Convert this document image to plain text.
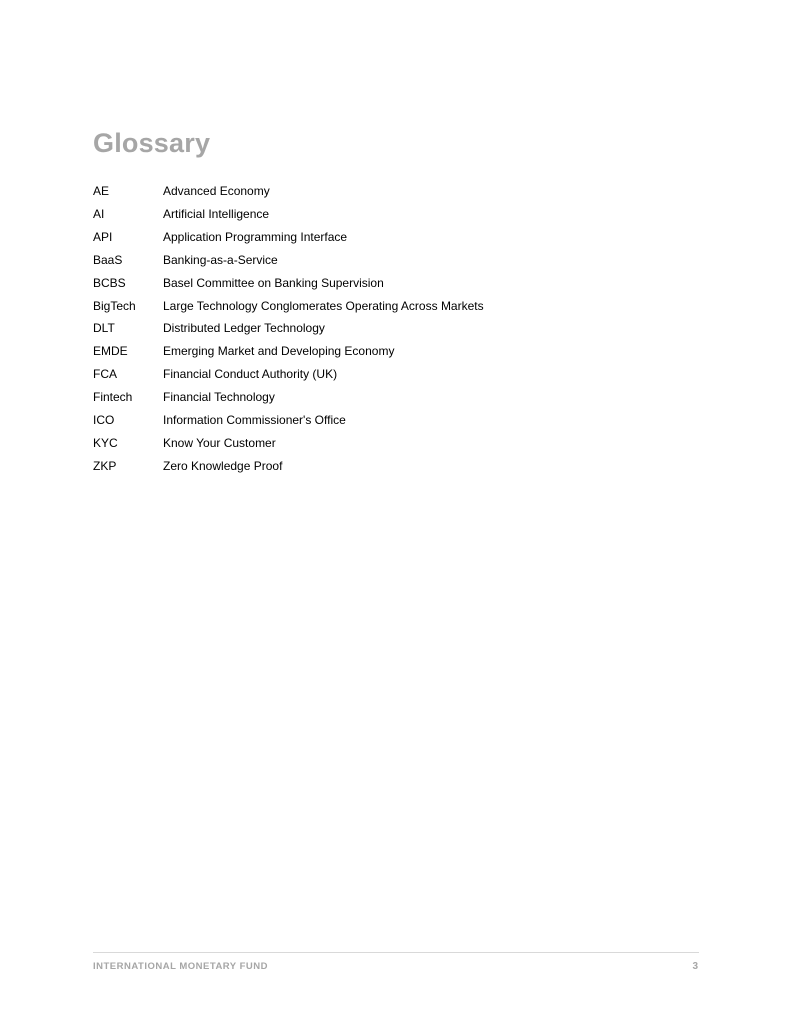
Glossary
AE	Advanced Economy
AI	Artificial Intelligence
API	Application Programming Interface
BaaS	Banking-as-a-Service
BCBS	Basel Committee on Banking Supervision
BigTech	Large Technology Conglomerates Operating Across Markets
DLT	Distributed Ledger Technology
EMDE	Emerging Market and Developing Economy
FCA	Financial Conduct Authority (UK)
Fintech	Financial Technology
ICO	Information Commissioner's Office
KYC	Know Your Customer
ZKP	Zero Knowledge Proof
INTERNATIONAL MONETARY FUND	3
